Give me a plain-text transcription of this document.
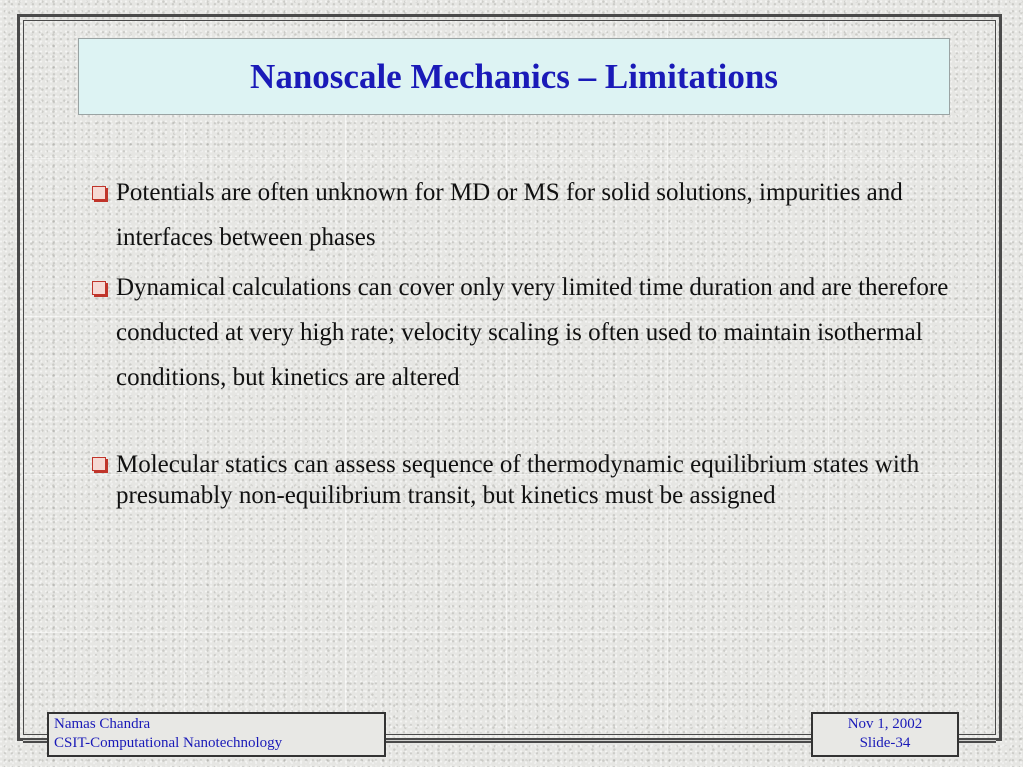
Nanoscale Mechanics – Limitations
Potentials are often unknown for MD or MS for solid solutions, impurities and interfaces between phases
Dynamical calculations can cover only very limited time duration and are therefore conducted at very high rate; velocity scaling is often used to maintain isothermal conditions, but kinetics are altered
Molecular statics can assess sequence of thermodynamic equilibrium states with presumably non-equilibrium transit, but kinetics must be assigned
Namas Chandra
CSIT-Computational Nanotechnology
Nov 1, 2002
Slide-34
